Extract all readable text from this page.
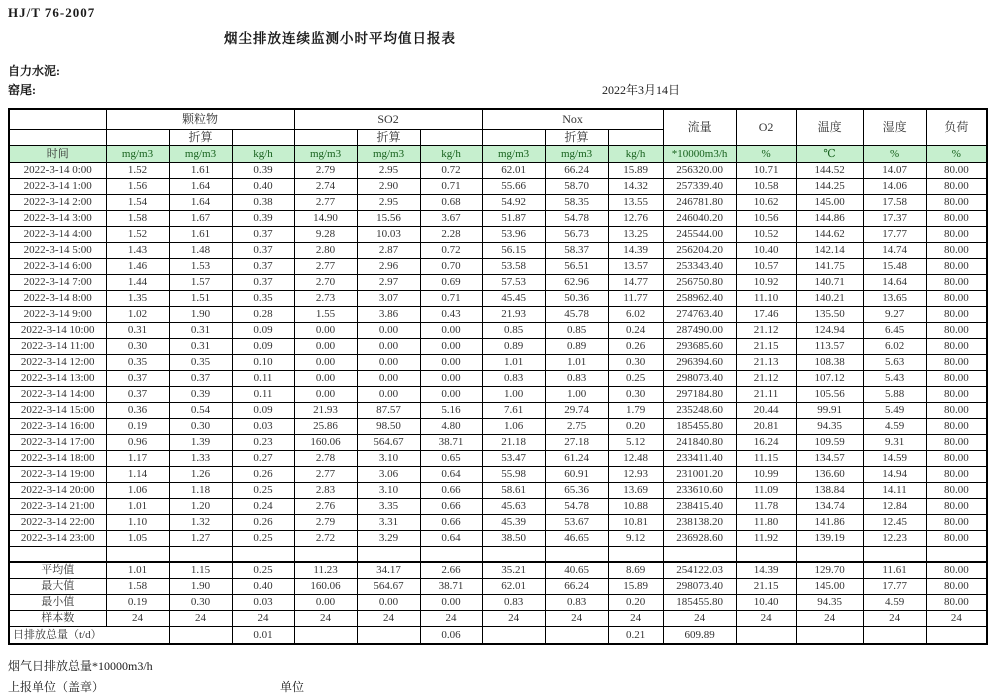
HJ/T 76-2007
烟尘排放连续监测小时平均值日报表
自力水泥:
窑尾:	2022年3月14日
	颗粒物			SO2			Nox			流量	O2	温度	湿度	负荷
		折算			折算			折算						
时间	mg/m3	mg/m3	kg/h	mg/m3	mg/m3	kg/h	mg/m3	mg/m3	kg/h	*10000m3/h	%	℃	%	%
2022-3-14 0:00	1.52	1.61	0.39	2.79	2.95	0.72	62.01	66.24	15.89	256320.00	10.71	144.52	14.07	80.00
2022-3-14 1:00	1.56	1.64	0.40	2.74	2.90	0.71	55.66	58.70	14.32	257339.40	10.58	144.25	14.06	80.00
2022-3-14 2:00	1.54	1.64	0.38	2.77	2.95	0.68	54.92	58.35	13.55	246781.80	10.62	145.00	17.58	80.00
2022-3-14 3:00	1.58	1.67	0.39	14.90	15.56	3.67	51.87	54.78	12.76	246040.20	10.56	144.86	17.37	80.00
2022-3-14 4:00	1.52	1.61	0.37	9.28	10.03	2.28	53.96	56.73	13.25	245544.00	10.52	144.62	17.77	80.00
2022-3-14 5:00	1.43	1.48	0.37	2.80	2.87	0.72	56.15	58.37	14.39	256204.20	10.40	142.14	14.74	80.00
2022-3-14 6:00	1.46	1.53	0.37	2.77	2.96	0.70	53.58	56.51	13.57	253343.40	10.57	141.75	15.48	80.00
2022-3-14 7:00	1.44	1.57	0.37	2.70	2.97	0.69	57.53	62.96	14.77	256750.80	10.92	140.71	14.64	80.00
2022-3-14 8:00	1.35	1.51	0.35	2.73	3.07	0.71	45.45	50.36	11.77	258962.40	11.10	140.21	13.65	80.00
2022-3-14 9:00	1.02	1.90	0.28	1.55	3.86	0.43	21.93	45.78	6.02	274763.40	17.46	135.50	9.27	80.00
2022-3-14 10:00	0.31	0.31	0.09	0.00	0.00	0.00	0.85	0.85	0.24	287490.00	21.12	124.94	6.45	80.00
2022-3-14 11:00	0.30	0.31	0.09	0.00	0.00	0.00	0.89	0.89	0.26	293685.60	21.15	113.57	6.02	80.00
2022-3-14 12:00	0.35	0.35	0.10	0.00	0.00	0.00	1.01	1.01	0.30	296394.60	21.13	108.38	5.63	80.00
2022-3-14 13:00	0.37	0.37	0.11	0.00	0.00	0.00	0.83	0.83	0.25	298073.40	21.12	107.12	5.43	80.00
2022-3-14 14:00	0.37	0.39	0.11	0.00	0.00	0.00	1.00	1.00	0.30	297184.80	21.11	105.56	5.88	80.00
2022-3-14 15:00	0.36	0.54	0.09	21.93	87.57	5.16	7.61	29.74	1.79	235248.60	20.44	99.91	5.49	80.00
2022-3-14 16:00	0.19	0.30	0.03	25.86	98.50	4.80	1.06	2.75	0.20	185455.80	20.81	94.35	4.59	80.00
2022-3-14 17:00	0.96	1.39	0.23	160.06	564.67	38.71	21.18	27.18	5.12	241840.80	16.24	109.59	9.31	80.00
2022-3-14 18:00	1.17	1.33	0.27	2.78	3.10	0.65	53.47	61.24	12.48	233411.40	11.15	134.57	14.59	80.00
2022-3-14 19:00	1.14	1.26	0.26	2.77	3.06	0.64	55.98	60.91	12.93	231001.20	10.99	136.60	14.94	80.00
2022-3-14 20:00	1.06	1.18	0.25	2.83	3.10	0.66	58.61	65.36	13.69	233610.60	11.09	138.84	14.11	80.00
2022-3-14 21:00	1.01	1.20	0.24	2.76	3.35	0.66	45.63	54.78	10.88	238415.40	11.78	134.74	12.84	80.00
2022-3-14 22:00	1.10	1.32	0.26	2.79	3.31	0.66	45.39	53.67	10.81	238138.20	11.80	141.86	12.45	80.00
2022-3-14 23:00	1.05	1.27	0.25	2.72	3.29	0.64	38.50	46.65	9.12	236928.60	11.92	139.19	12.23	80.00

平均值	1.01	1.15	0.25	11.23	34.17	2.66	35.21	40.65	8.69	254122.03	14.39	129.70	11.61	80.00
最大值	1.58	1.90	0.40	160.06	564.67	38.71	62.01	66.24	15.89	298073.40	21.15	145.00	17.77	80.00
最小值	0.19	0.30	0.03	0.00	0.00	0.00	0.83	0.83	0.20	185455.80	10.40	94.35	4.59	80.00
样本数	24	24	24	24	24	24	24	24	24	24	24	24	24	24
日排放总量（t/d）			0.01			0.06			0.21	609.89				
烟气日排放总量*10000m3/h
上报单位（盖章）	单位
